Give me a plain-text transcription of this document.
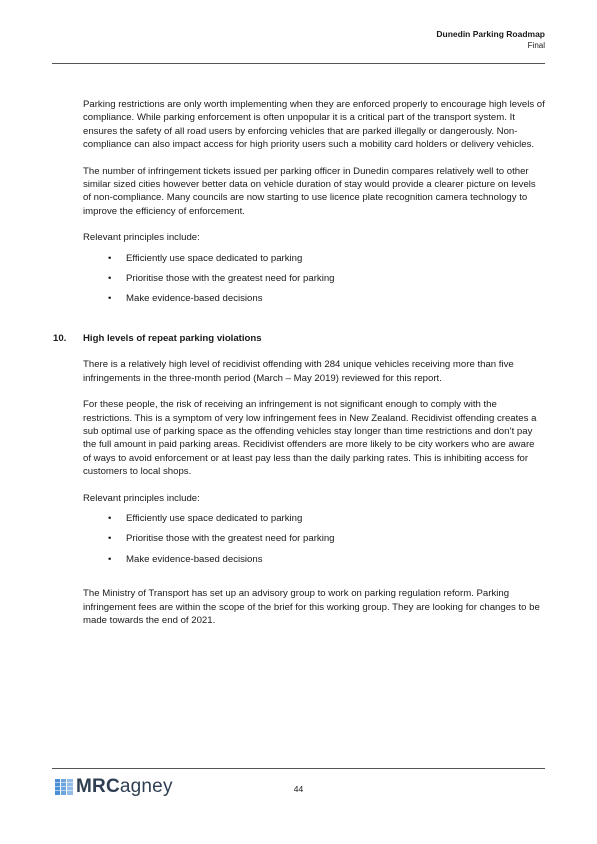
Dunedin Parking Roadmap
Final

Parking restrictions are only worth implementing when they are enforced properly to encourage high levels of compliance. While parking enforcement is often unpopular it is a critical part of the transport system. It ensures the safety of all road users by enforcing vehicles that are parked illegally or dangerously. Non-compliance can also impact access for high priority users such a mobility card holders or delivery vehicles.

The number of infringement tickets issued per parking officer in Dunedin compares relatively well to other similar sized cities however better data on vehicle duration of stay would provide a clearer picture on levels of non-compliance. Many councils are now starting to use licence plate recognition camera technology to improve the efficiency of enforcement.

Relevant principles include:

• Efficiently use space dedicated to parking
• Prioritise those with the greatest need for parking
• Make evidence-based decisions
10. High levels of repeat parking violations

There is a relatively high level of recidivist offending with 284 unique vehicles receiving more than five infringements in the three-month period (March – May 2019) reviewed for this report.

For these people, the risk of receiving an infringement is not significant enough to comply with the restrictions. This is a symptom of very low infringement fees in New Zealand. Recidivist offending creates a sub optimal use of parking space as the offending vehicles stay longer than time restrictions and don’t pay the full amount in paid parking areas. Recidivist offenders are more likely to be city workers who are aware of ways to avoid enforcement or at least pay less than the daily parking rates. This is inhibiting access for customers to local shops.

Relevant principles include:

• Efficiently use space dedicated to parking
• Prioritise those with the greatest need for parking
• Make evidence-based decisions

The Ministry of Transport has set up an advisory group to work on parking regulation reform. Parking infringement fees are within the scope of the brief for this working group. They are looking for changes to be made towards the end of 2021.

MRCagney	44
